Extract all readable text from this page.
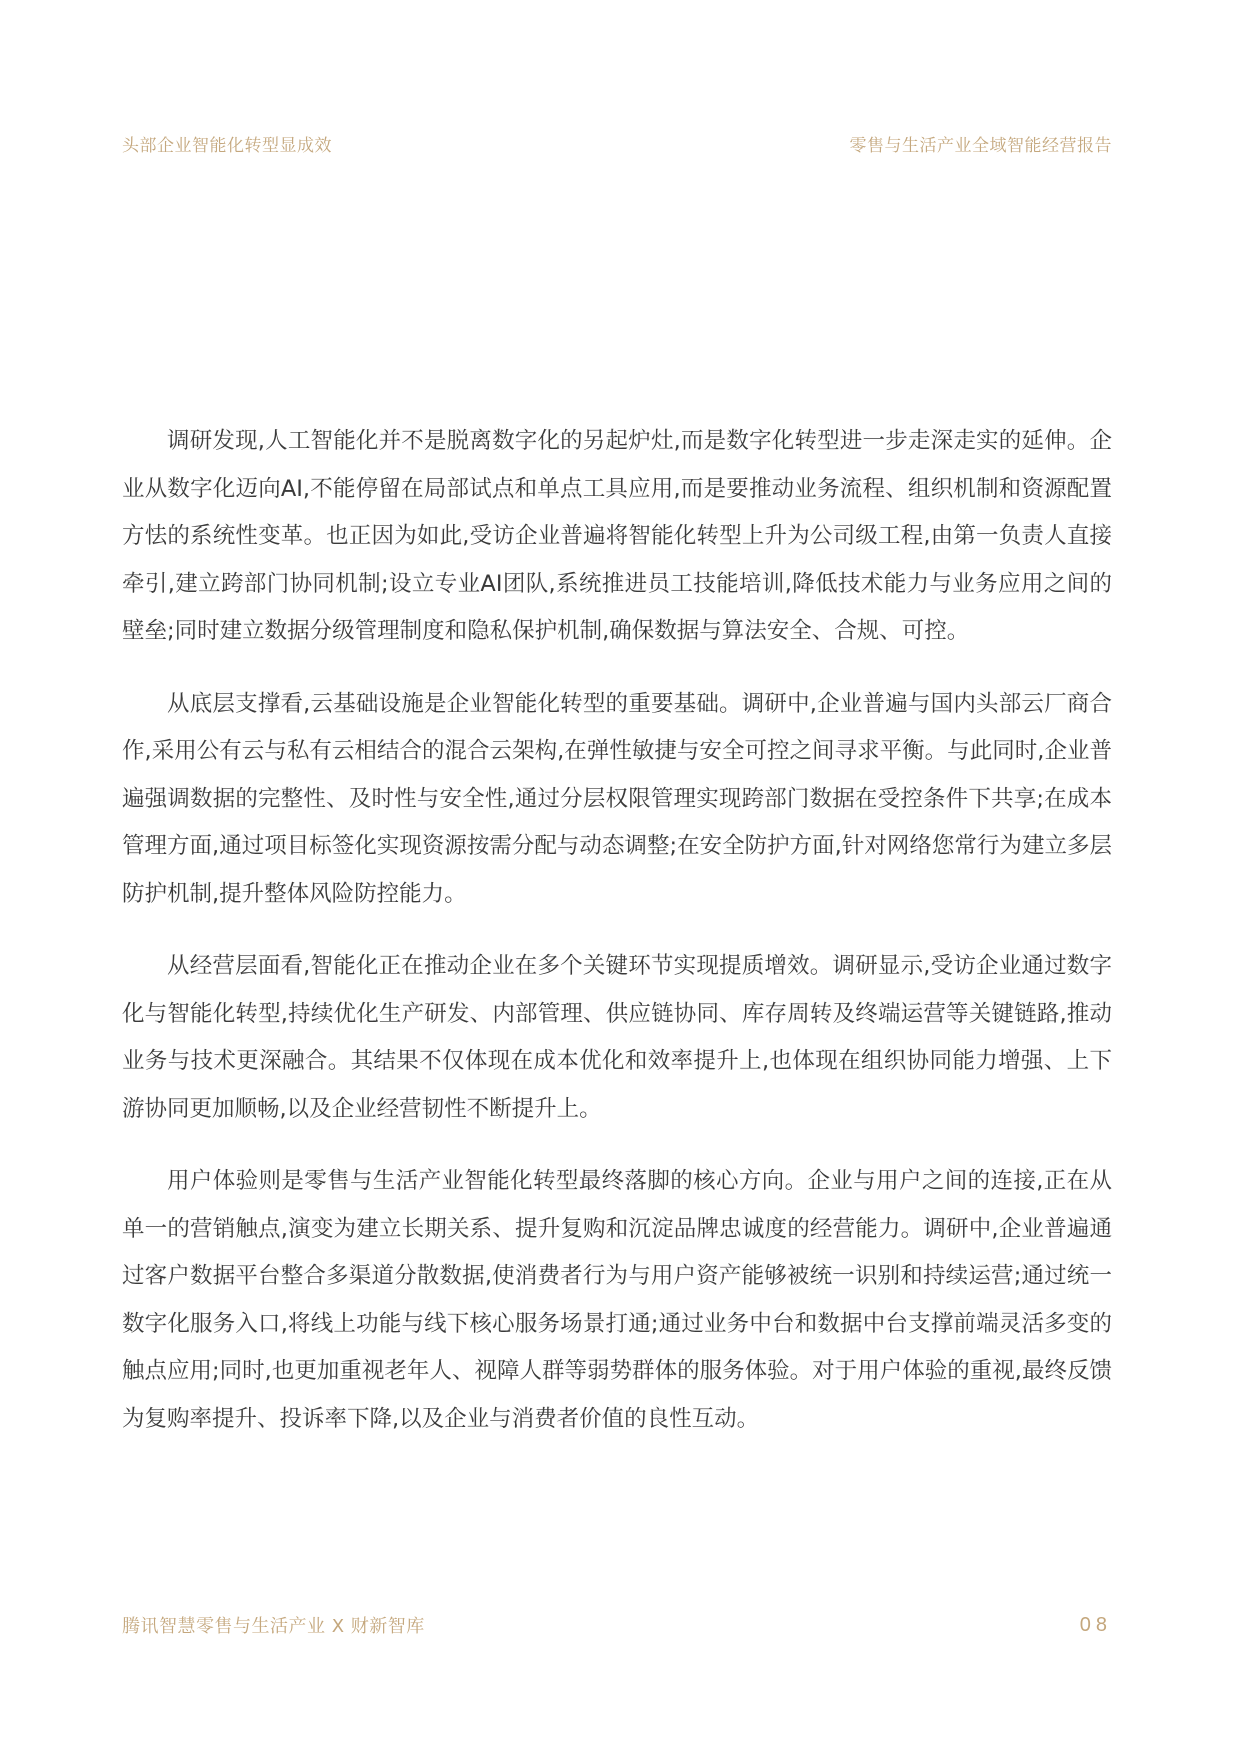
头部企业智能化转型显成效	零售与生活产业全域智能经营报告

调研发现,人工智能化并不是脱离数字化的另起炉灶,而是数字化转型进一步走深走实的延伸。企业从数字化迈向AI,不能停留在局部试点和单点工具应用,而是要推动业务流程、组织机制和资源配置方怯的系统性变革。也正因为如此,受访企业普遍将智能化转型上升为公司级工程,由第一负责人直接牵引,建立跨部门协同机制;设立专业AI团队,系统推进员工技能培训,降低技术能力与业务应用之间的壁垒;同时建立数据分级管理制度和隐私保护机制,确保数据与算法安全、合规、可控。

从底层支撑看,云基础设施是企业智能化转型的重要基础。调研中,企业普遍与国内头部云厂商合作,采用公有云与私有云相结合的混合云架构,在弹性敏捷与安全可控之间寻求平衡。与此同时,企业普遍强调数据的完整性、及时性与安全性,通过分层权限管理实现跨部门数据在受控条件下共享;在成本管理方面,通过项目标签化实现资源按需分配与动态调整;在安全防护方面,针对网络您常行为建立多层防护机制,提升整体风险防控能力。

从经营层面看,智能化正在推动企业在多个关键环节实现提质增效。调研显示,受访企业通过数字化与智能化转型,持续优化生产研发、内部管理、供应链协同、库存周转及终端运营等关键链路,推动业务与技术更深融合。其结果不仅体现在成本优化和效率提升上,也体现在组织协同能力增强、上下游协同更加顺畅,以及企业经营韧性不断提升上。

用户体验则是零售与生活产业智能化转型最终落脚的核心方向。企业与用户之间的连接,正在从单一的营销触点,演变为建立长期关系、提升复购和沉淀品牌忠诚度的经营能力。调研中,企业普遍通过客户数据平台整合多渠道分散数据,使消费者行为与用户资产能够被统一识别和持续运营;通过统一数字化服务入口,将线上功能与线下核心服务场景打通;通过业务中台和数据中台支撑前端灵活多变的触点应用;同时,也更加重视老年人、视障人群等弱势群体的服务体验。对于用户体验的重视,最终反馈为复购率提升、投诉率下降,以及企业与消费者价值的良性互动。

腾讯智慧零售与生活产业 X 财新智库	08
